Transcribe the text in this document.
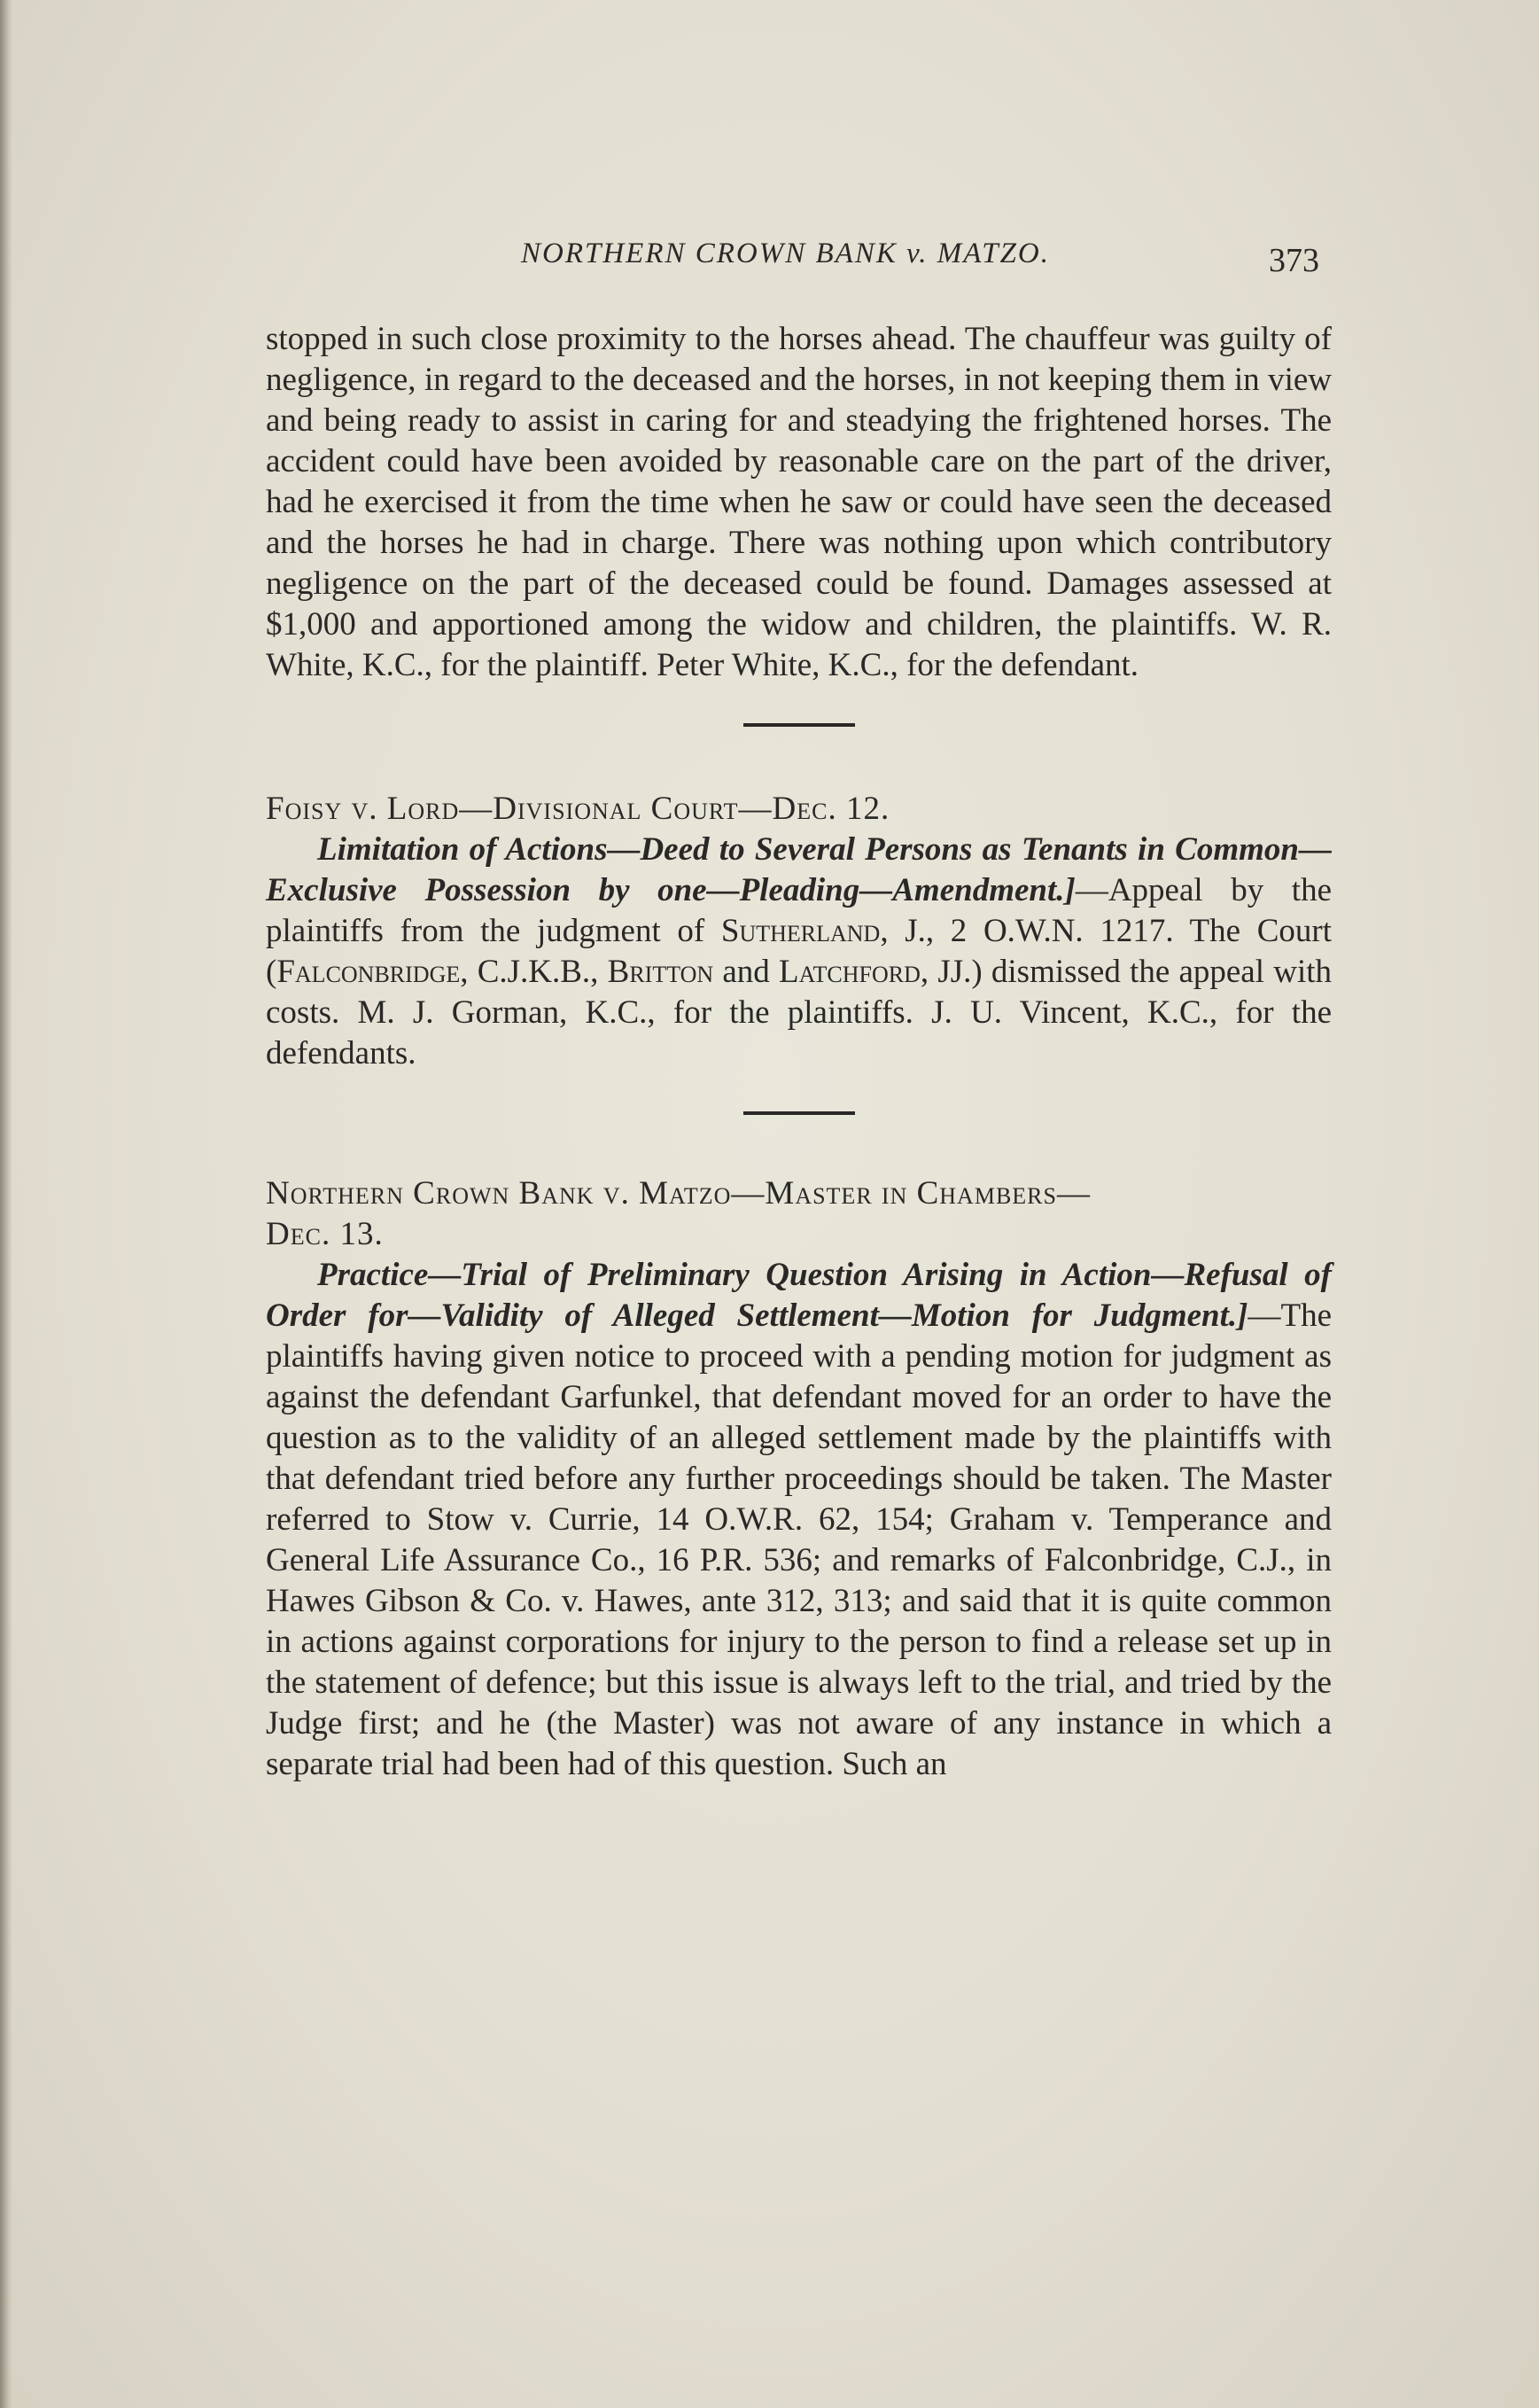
NORTHERN CROWN BANK v. MATZO.	373

stopped in such close proximity to the horses ahead. The chauffeur was guilty of negligence, in regard to the deceased and the horses, in not keeping them in view and being ready to assist in caring for and steadying the frightened horses. The accident could have been avoided by reasonable care on the part of the driver, had he exercised it from the time when he saw or could have seen the deceased and the horses he had in charge. There was nothing upon which contributory negligence on the part of the deceased could be found. Damages assessed at $1,000 and apportioned among the widow and children, the plaintiffs. W. R. White, K.C., for the plaintiff. Peter White, K.C., for the defendant.

Foisy v. Lord—Divisional Court—Dec. 12.

Limitation of Actions—Deed to Several Persons as Tenants in Common—Exclusive Possession by one—Pleading—Amendment.]—Appeal by the plaintiffs from the judgment of Sutherland, J., 2 O.W.N. 1217. The Court (Falconbridge, C.J.K.B., Britton and Latchford, JJ.) dismissed the appeal with costs. M. J. Gorman, K.C., for the plaintiffs. J. U. Vincent, K.C., for the defendants.

Northern Crown Bank v. Matzo—Master in Chambers—
Dec. 13.

Practice—Trial of Preliminary Question Arising in Action—Refusal of Order for—Validity of Alleged Settlement—Motion for Judgment.]—The plaintiffs having given notice to proceed with a pending motion for judgment as against the defendant Garfunkel, that defendant moved for an order to have the question as to the validity of an alleged settlement made by the plaintiffs with that defendant tried before any further proceedings should be taken. The Master referred to Stow v. Currie, 14 O.W.R. 62, 154; Graham v. Temperance and General Life Assurance Co., 16 P.R. 536; and remarks of Falconbridge, C.J., in Hawes Gibson & Co. v. Hawes, ante 312, 313; and said that it is quite common in actions against corporations for injury to the person to find a release set up in the statement of defence; but this issue is always left to the trial, and tried by the Judge first; and he (the Master) was not aware of any instance in which a separate trial had been had of this question. Such an
